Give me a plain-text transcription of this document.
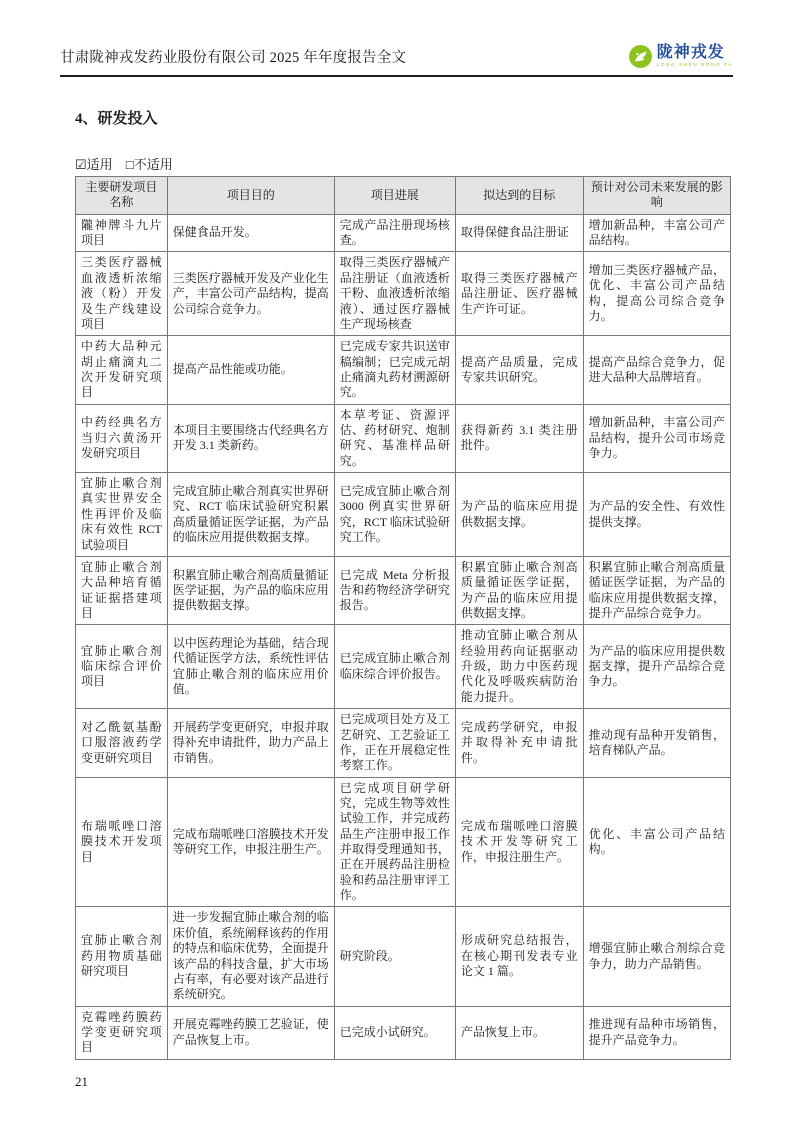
甘肃陇神戎发药业股份有限公司 2025 年年度报告全文	陇神戎发
LONG SHEN RONG FA
4、研发投入
☑适用 □不适用
主要研发项目名称	项目目的	项目进展	拟达到的目标	预计对公司未来发展的影响
隴神牌斗九片项目	保健食品开发。	完成产品注册现场核查。	取得保健食品注册证	增加新品种，丰富公司产品结构。
三类医疗器械血液透析浓缩液（粉）开发及生产线建设项目	三类医疗器械开发及产业化生产，丰富公司产品结构，提高公司综合竞争力。	取得三类医疗器械产品注册证（血液透析干粉、血液透析浓缩液）、通过医疗器械生产现场核查	取得三类医疗器械产品注册证、医疗器械生产许可证。	增加三类医疗器械产品，优化、丰富公司产品结构，提高公司综合竞争力。
中药大品种元胡止痛滴丸二次开发研究项目	提高产品性能或功能。	已完成专家共识送审稿编制；已完成元胡止痛滴丸药材溯源研究。	提高产品质量，完成专家共识研究。	提高产品综合竞争力，促进大品种大品牌培育。
中药经典名方当归六黄汤开发研究项目	本项目主要围绕古代经典名方开发 3.1 类新药。	本草考证、资源评估、药材研究、炮制研究、基准样品研究。	获得新药 3.1 类注册批件。	增加新品种，丰富公司产品结构，提升公司市场竞争力。
宜肺止嗽合剂真实世界安全性再评价及临床有效性 RCT 试验项目	完成宜肺止嗽合剂真实世界研究、RCT 临床试验研究积累高质量循证医学证据，为产品的临床应用提供数据支撑。	已完成宜肺止嗽合剂 3000 例真实世界研究，RCT 临床试验研究工作。	为产品的临床应用提供数据支撑。	为产品的安全性、有效性提供支撑。
宜肺止嗽合剂大品种培育循证证据搭建项目	积累宜肺止嗽合剂高质量循证医学证据，为产品的临床应用提供数据支撑。	已完成 Meta 分析报告和药物经济学研究报告。	积累宜肺止嗽合剂高质量循证医学证据，为产品的临床应用提供数据支撑。	积累宜肺止嗽合剂高质量循证医学证据，为产品的临床应用提供数据支撑，提升产品综合竞争力。
宜肺止嗽合剂临床综合评价项目	以中医药理论为基础，结合现代循证医学方法，系统性评估宜肺止嗽合剂的临床应用价值。	已完成宜肺止嗽合剂临床综合评价报告。	推动宜肺止嗽合剂从经验用药向证据驱动升级，助力中医药现代化及呼吸疾病防治能力提升。	为产品的临床应用提供数据支撑，提升产品综合竞争力。
对乙酰氨基酚口服溶液药学变更研究项目	开展药学变更研究，申报并取得补充申请批件，助力产品上市销售。	已完成项目处方及工艺研究、工艺验证工作，正在开展稳定性考察工作。	完成药学研究，申报并取得补充申请批件。	推动现有品种开发销售，培育梯队产品。
布瑞哌唑口溶膜技术开发项目	完成布瑞哌唑口溶膜技术开发等研究工作，申报注册生产。	已完成项目研学研究，完成生物等效性试验工作，并完成药品生产注册申报工作并取得受理通知书，正在开展药品注册检验和药品注册审评工作。	完成布瑞哌唑口溶膜技术开发等研究工作，申报注册生产。	优化、丰富公司产品结构。
宜肺止嗽合剂药用物质基础研究项目	进一步发掘宜肺止嗽合剂的临床价值，系统阐释该药的作用的特点和临床优势，全面提升该产品的科技含量，扩大市场占有率，有必要对该产品进行系统研究。	研究阶段。	形成研究总结报告，在核心期刊发表专业论文 1 篇。	增强宜肺止嗽合剂综合竞争力，助力产品销售。
克霉唑药膜药学变更研究项目	开展克霉唑药膜工艺验证，使产品恢复上市。	已完成小试研究。	产品恢复上市。	推进现有品种市场销售，提升产品竞争力。
21
